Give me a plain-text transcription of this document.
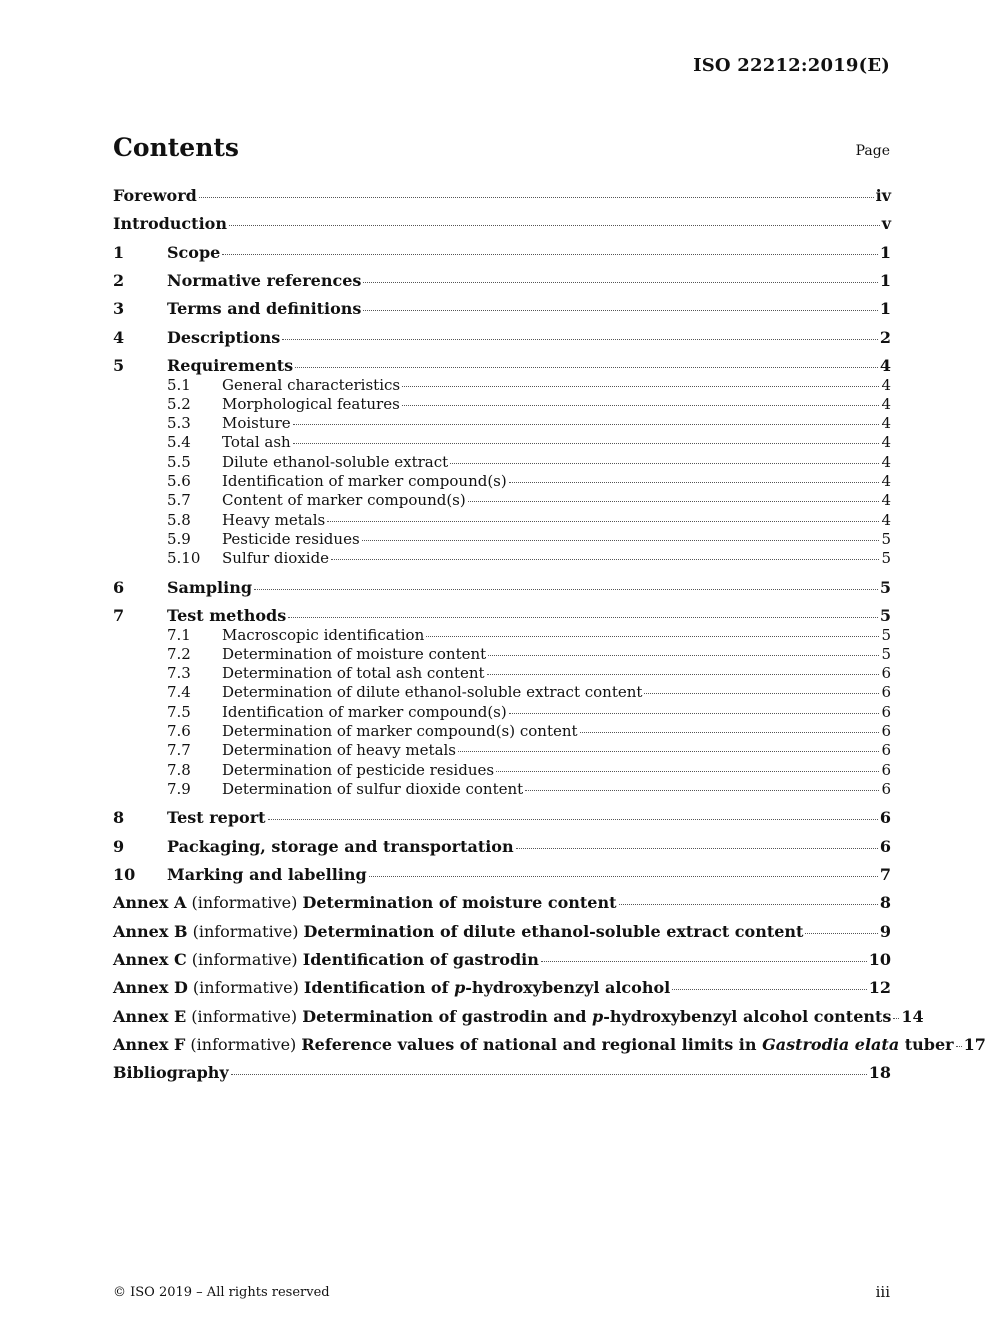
ISO 22212:2019(E)
Contents	Page
Foreword	iv
Introduction	v
1	Scope	1
2	Normative references	1
3	Terms and definitions	1
4	Descriptions	2
5	Requirements	4
5.1	General characteristics	4
5.2	Morphological features	4
5.3	Moisture	4
5.4	Total ash	4
5.5	Dilute ethanol-soluble extract	4
5.6	Identification of marker compound(s)	4
5.7	Content of marker compound(s)	4
5.8	Heavy metals	4
5.9	Pesticide residues	5
5.10	Sulfur dioxide	5
6	Sampling	5
7	Test methods	5
7.1	Macroscopic identification	5
7.2	Determination of moisture content	5
7.3	Determination of total ash content	6
7.4	Determination of dilute ethanol-soluble extract content	6
7.5	Identification of marker compound(s)	6
7.6	Determination of marker compound(s) content	6
7.7	Determination of heavy metals	6
7.8	Determination of pesticide residues	6
7.9	Determination of sulfur dioxide content	6
8	Test report	6
9	Packaging, storage and transportation	6
10	Marking and labelling	7
Annex A (informative) Determination of moisture content	8
Annex B (informative) Determination of dilute ethanol-soluble extract content	9
Annex C (informative) Identification of gastrodin	10
Annex D (informative) Identification of p-hydroxybenzyl alcohol	12
Annex E (informative) Determination of gastrodin and p-hydroxybenzyl alcohol contents 14
Annex F (informative) Reference values of national and regional limits in Gastrodia elata tuber 17
Bibliography	18
© ISO 2019 – All rights reserved	iii
